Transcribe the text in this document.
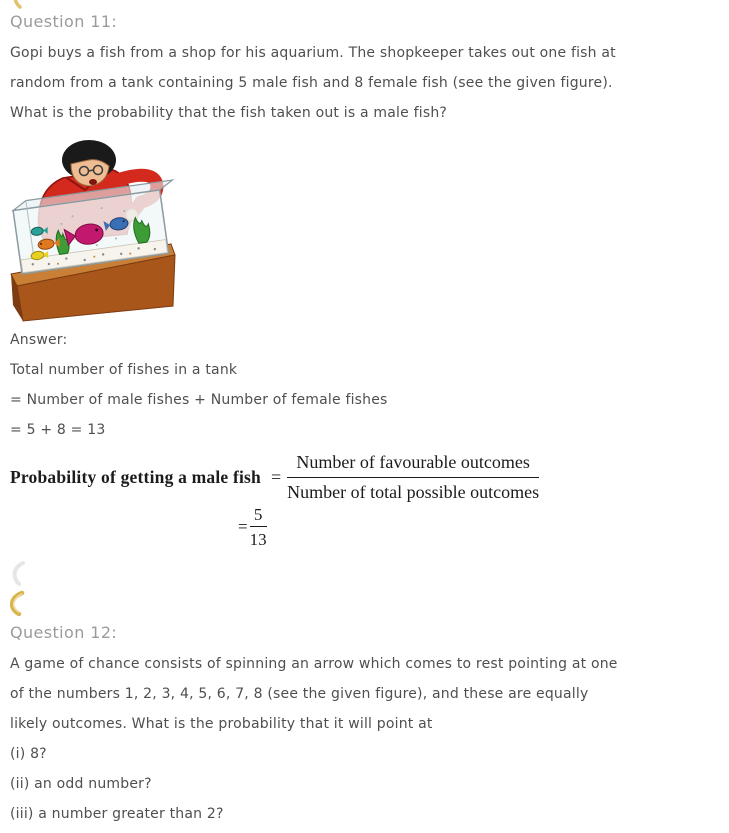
Question 11:
Gopi buys a fish from a shop for his aquarium. The shopkeeper takes out one fish at
random from a tank containing 5 male fish and 8 female fish (see the given figure).
What is the probability that the fish taken out is a male fish?
Answer:
Total number of fishes in a tank
= Number of male fishes + Number of female fishes
= 5 + 8 = 13
Probability of getting a male fish = $\frac{\text{Number of favourable outcomes}}{\text{Number of total possible outcomes}}$
= $\frac{5}{13}$
Question 12:
A game of chance consists of spinning an arrow which comes to rest pointing at one
of the numbers 1, 2, 3, 4, 5, 6, 7, 8 (see the given figure), and these are equally
likely outcomes. What is the probability that it will point at
(i) 8?
(ii) an odd number?
(iii) a number greater than 2?
